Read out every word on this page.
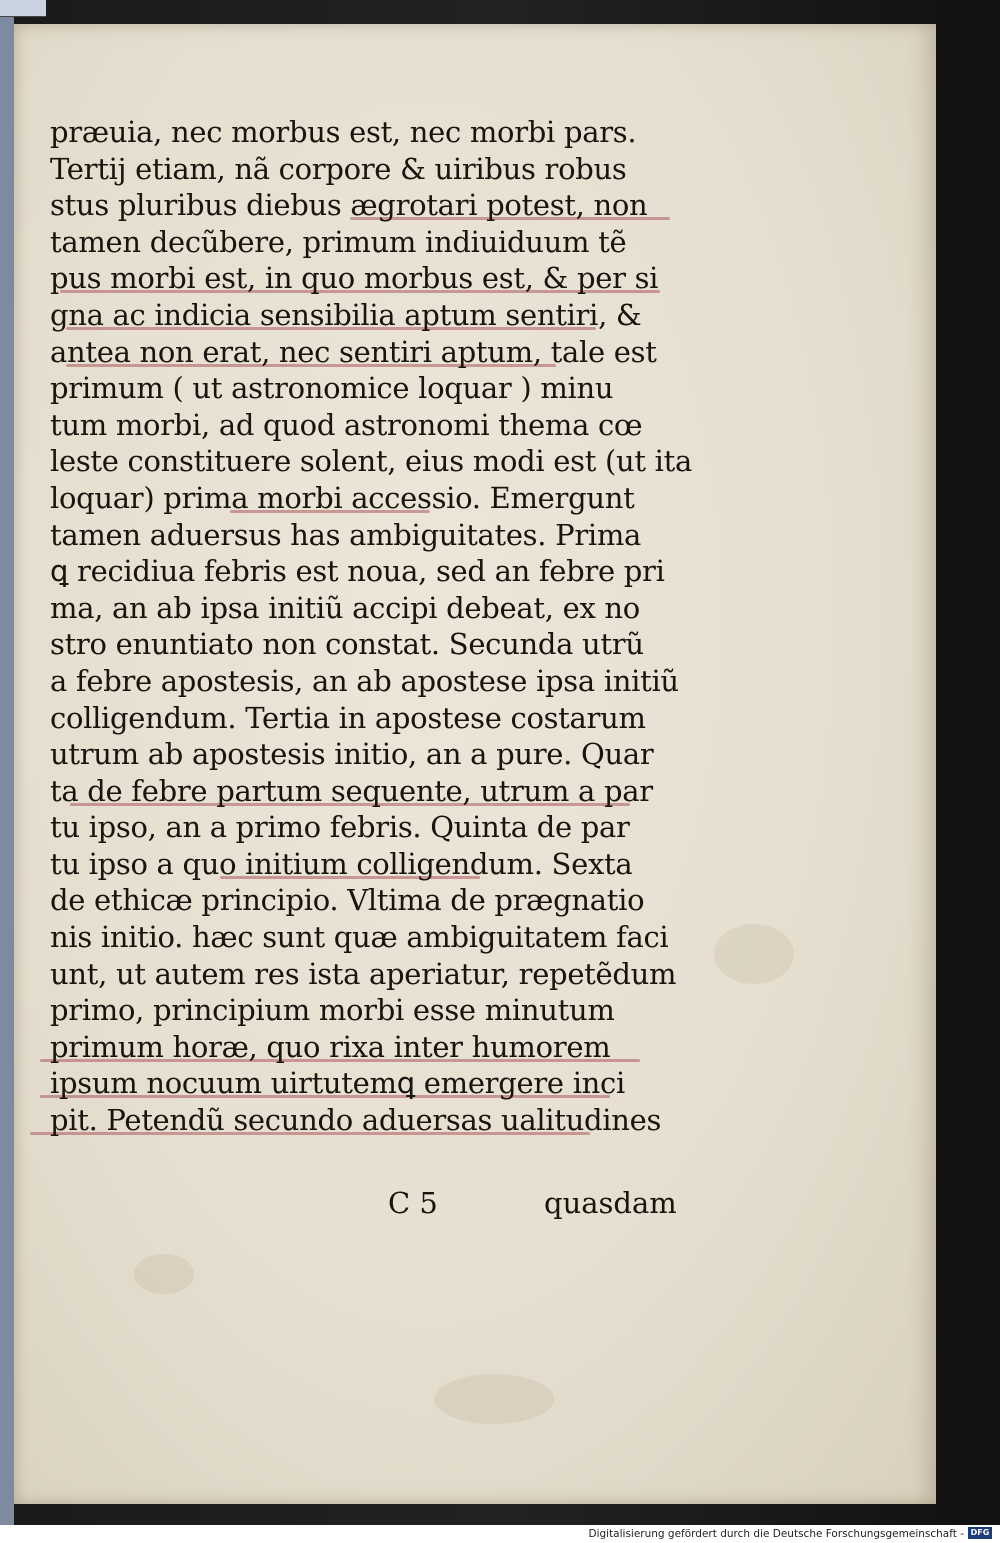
præuia, nec morbus est, nec morbi pars.
Tertij etiam, nã corpore & uiribus robus
stus pluribus diebus ægrotari potest, non
tamen decũbere, primum indiuiduum tẽ
pus morbi est, in quo morbus est, & per si
gna ac indicia sensibilia aptum sentiri, &
antea non erat, nec sentiri aptum, tale est
primum ( ut astronomice loquar ) minu
tum morbi, ad quod astronomi thema cœ
leste constituere solent, eius modi est (ut ita
loquar) prima morbi accessio. Emergunt
tamen aduersus has ambiguitates. Prima
ꝗ recidiua febris est noua, sed an febre pri
ma, an ab ipsa initiũ accipi debeat, ex no
stro enuntiato non constat. Secunda utrũ
a febre apostesis, an ab apostese ipsa initiũ
colligendum. Tertia in apostese costarum
utrum ab apostesis initio, an a pure. Quar
ta de febre partum sequente, utrum a par
tu ipso, an a primo febris. Quinta de par
tu ipso a quo initium colligendum. Sexta
de ethicæ principio. Vltima de prægnatio
nis initio. hæc sunt quæ ambiguitatem faci
unt, ut autem res ista aperiatur, repetẽdum
primo, principium morbi esse minutum
primum horæ, quo rixa inter humorem
ipsum nocuum uirtutemꝗ emergere inci
pit. Petendũ secundo aduersas ualitudines
C 5	quasdam
Digitalisierung gefördert durch die Deutsche Forschungsgemeinschaft - DFG
